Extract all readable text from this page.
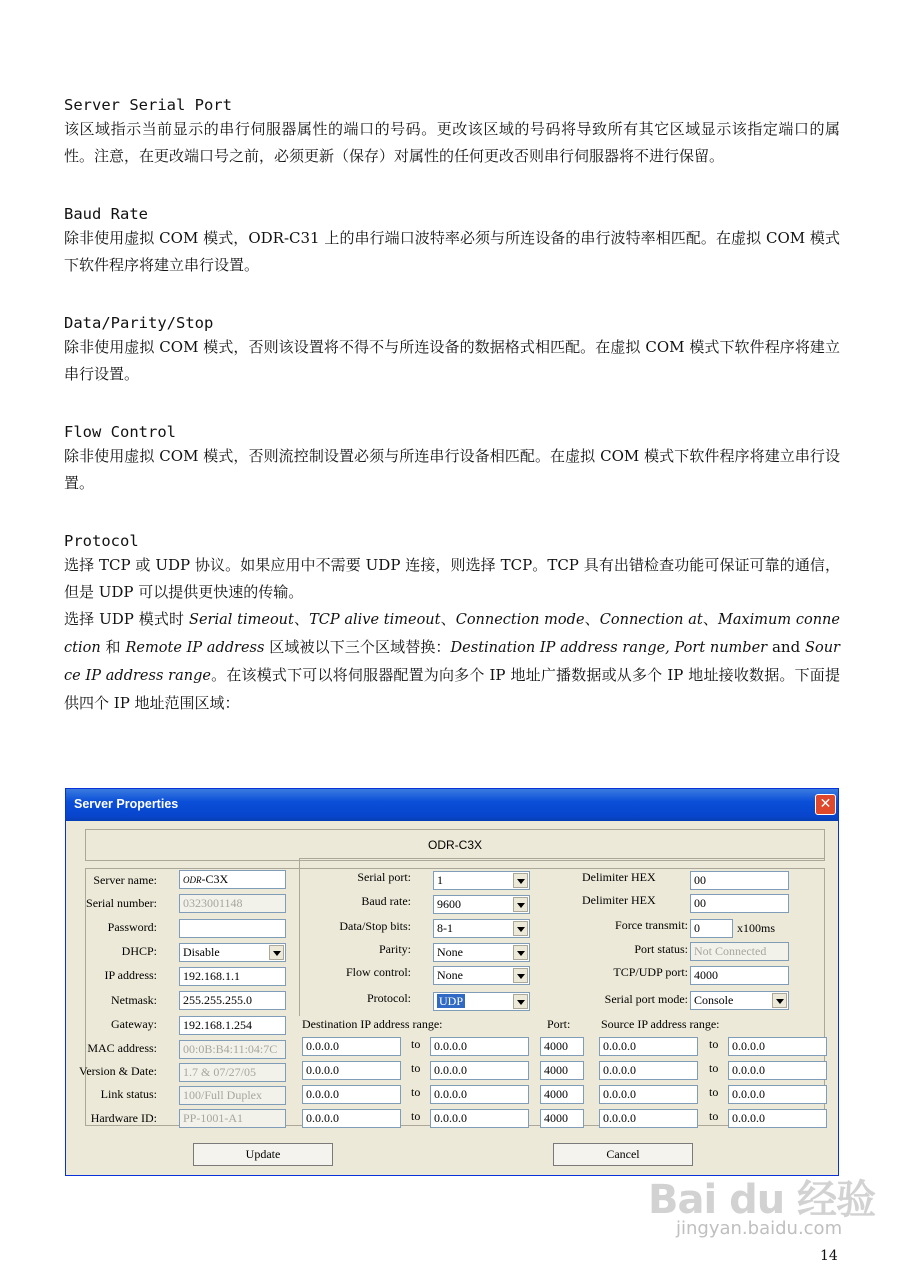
Server Serial Port
该区域指示当前显示的串行伺服器属性的端口的号码。更改该区域的号码将导致所有其它区域显示该指定端口的属性。注意，在更改端口号之前，必须更新（保存）对属性的任何更改否则串行伺服器将不进行保留。
Baud Rate
除非使用虚拟 COM 模式，ODR-C31 上的串行端口波特率必须与所连设备的串行波特率相匹配。在虚拟 COM 模式下软件程序将建立串行设置。
Data/Parity/Stop
除非使用虚拟 COM 模式，否则该设置将不得不与所连设备的数据格式相匹配。在虚拟 COM 模式下软件程序将建立串行设置。
Flow Control
除非使用虚拟 COM 模式，否则流控制设置必须与所连串行设备相匹配。在虚拟 COM 模式下软件程序将建立串行设置。
Protocol
选择 TCP 或 UDP 协议。如果应用中不需要 UDP 连接，则选择 TCP。TCP 具有出错检查功能可保证可靠的通信，但是 UDP 可以提供更快速的传输。
选择 UDP 模式时 Serial timeout、TCP alive timeout、Connection mode、Connection at、Maximum connection 和 Remote IP address 区域被以下三个区域替换：Destination IP address range, Port number and Source IP address range。在该模式下可以将伺服器配置为向多个 IP 地址广播数据或从多个 IP 地址接收数据。下面提供四个 IP 地址范围区域：
Server Properties	✕
ODR-C3X
Server name:	ODR-C3X
Serial number:	0323001148
Password:
DHCP:	Disable
IP address:	192.168.1.1
Netmask:	255.255.255.0
Gateway:	192.168.1.254
MAC address:	00:0B:B4:11:04:7C
Version & Date:	1.7 & 07/27/05
Link status:	100/Full Duplex
Hardware ID:	PP-1001-A1
Serial port:	1
Baud rate:	9600
Data/Stop bits:	8-1
Parity:	None
Flow control:	None
Protocol:	UDP
Delimiter HEX	00
Delimiter HEX	00
Force transmit: 0	x100ms
Port status: Not Connected
TCP/UDP port: 4000
Serial port mode: Console
Destination IP address range:	Port:	Source IP address range:
0.0.0.0	to	0.0.0.0	4000	0.0.0.0	to	0.0.0.0
0.0.0.0	to	0.0.0.0	4000	0.0.0.0	to	0.0.0.0
0.0.0.0	to	0.0.0.0	4000	0.0.0.0	to	0.0.0.0
0.0.0.0	to	0.0.0.0	4000	0.0.0.0	to	0.0.0.0
Update	Cancel
Bai du 经验
jingyan.baidu.com
14
